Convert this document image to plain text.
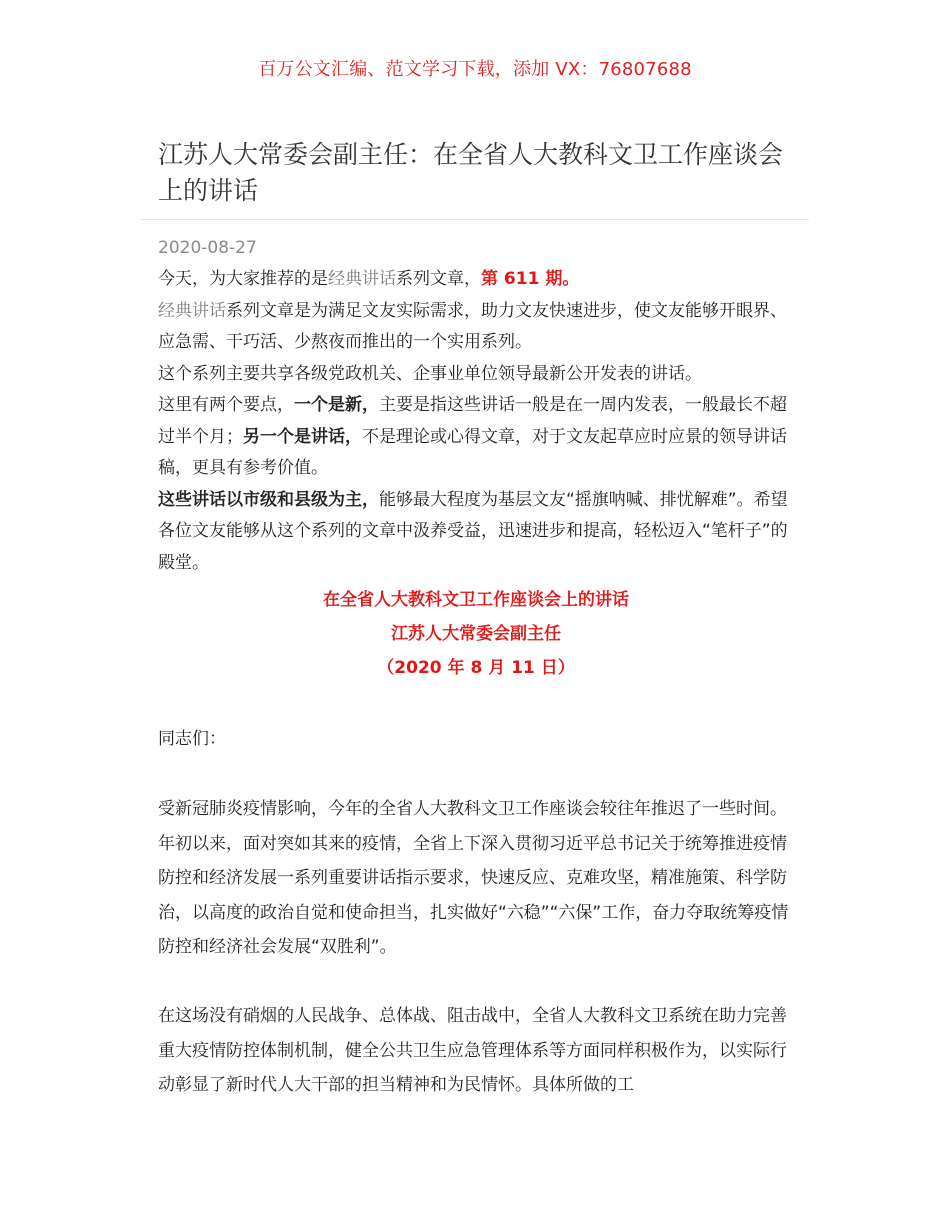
百万公文汇编、范文学习下载，添加 VX：76807688
江苏人大常委会副主任：在全省人大教科文卫工作座谈会上的讲话
2020-08-27

今天，为大家推荐的是经典讲话系列文章，第 611 期。

经典讲话系列文章是为满足文友实际需求，助力文友快速进步，使文友能够开眼界、应急需、干巧活、少熬夜而推出的一个实用系列。

这个系列主要共享各级党政机关、企事业单位领导最新公开发表的讲话。

这里有两个要点，一个是新，主要是指这些讲话一般是在一周内发表，一般最长不超过半个月；另一个是讲话，不是理论或心得文章，对于文友起草应时应景的领导讲话稿，更具有参考价值。

这些讲话以市级和县级为主，能够最大程度为基层文友“摇旗呐喊、排忧解难”。希望各位文友能够从这个系列的文章中汲养受益，迅速进步和提高，轻松迈入“笔杆子”的殿堂。

在全省人大教科文卫工作座谈会上的讲话

江苏人大常委会副主任

（2020 年 8 月 11 日）

同志们：

受新冠肺炎疫情影响，今年的全省人大教科文卫工作座谈会较往年推迟了一些时间。年初以来，面对突如其来的疫情，全省上下深入贯彻习近平总书记关于统筹推进疫情防控和经济发展一系列重要讲话指示要求，快速反应、克难攻坚，精准施策、科学防治，以高度的政治自觉和使命担当，扎实做好“六稳”“六保”工作，奋力夺取统筹疫情防控和经济社会发展“双胜利”。

在这场没有硝烟的人民战争、总体战、阻击战中，全省人大教科文卫系统在助力完善重大疫情防控体制机制，健全公共卫生应急管理体系等方面同样积极作为，以实际行动彰显了新时代人大干部的担当精神和为民情怀。具体所做的工
